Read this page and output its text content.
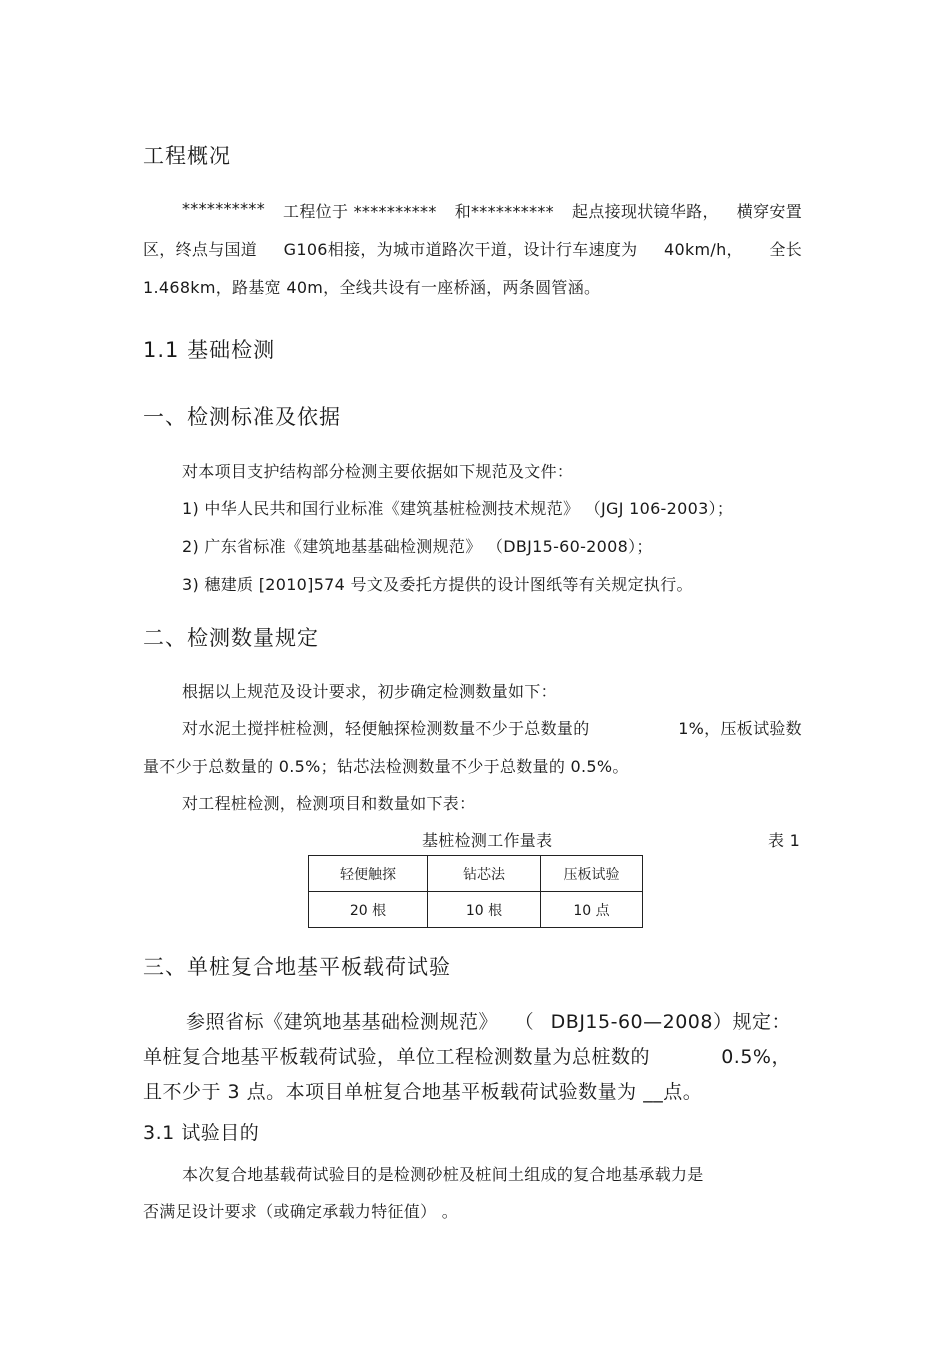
工程概况
********** 工程位于 ********** 和********** 起点接现状镜华路， 横穿安置
区，终点与国道 G106相接，为城市道路次干道，设计行车速度为 40km/h， 全长
1.468km，路基宽 40m，全线共设有一座桥涵，两条圆管涵。
1.1 基础检测
一、检测标准及依据
对本项目支护结构部分检测主要依据如下规范及文件：
1) 中华人民共和国行业标准《建筑基桩检测技术规范》 （JGJ 106-2003）；
2) 广东省标准《建筑地基基础检测规范》 （DBJ15-60-2008）；
3) 穗建质 [2010]574 号文及委托方提供的设计图纸等有关规定执行。
二、检测数量规定
根据以上规范及设计要求，初步确定检测数量如下：
对水泥土搅拌桩检测，轻便触探检测数量不少于总数量的	1%，压板试验数
量不少于总数量的 0.5%；钻芯法检测数量不少于总数量的 0.5%。
对工程桩检测，检测项目和数量如下表：
基桩检测工作量表	表 1
轻便触探	钻芯法	压板试验
20 根	10 根	10 点
三、单桩复合地基平板载荷试验
参照省标《建筑地基基础检测规范》 （ DBJ15-60—2008）规定：
单桩复合地基平板载荷试验，单位工程检测数量为总桩数的	0.5%，
且不少于 3 点。本项目单桩复合地基平板载荷试验数量为 __点。
3.1 试验目的
本次复合地基载荷试验目的是检测砂桩及桩间土组成的复合地基承载力是
否满足设计要求（或确定承载力特征值） 。
